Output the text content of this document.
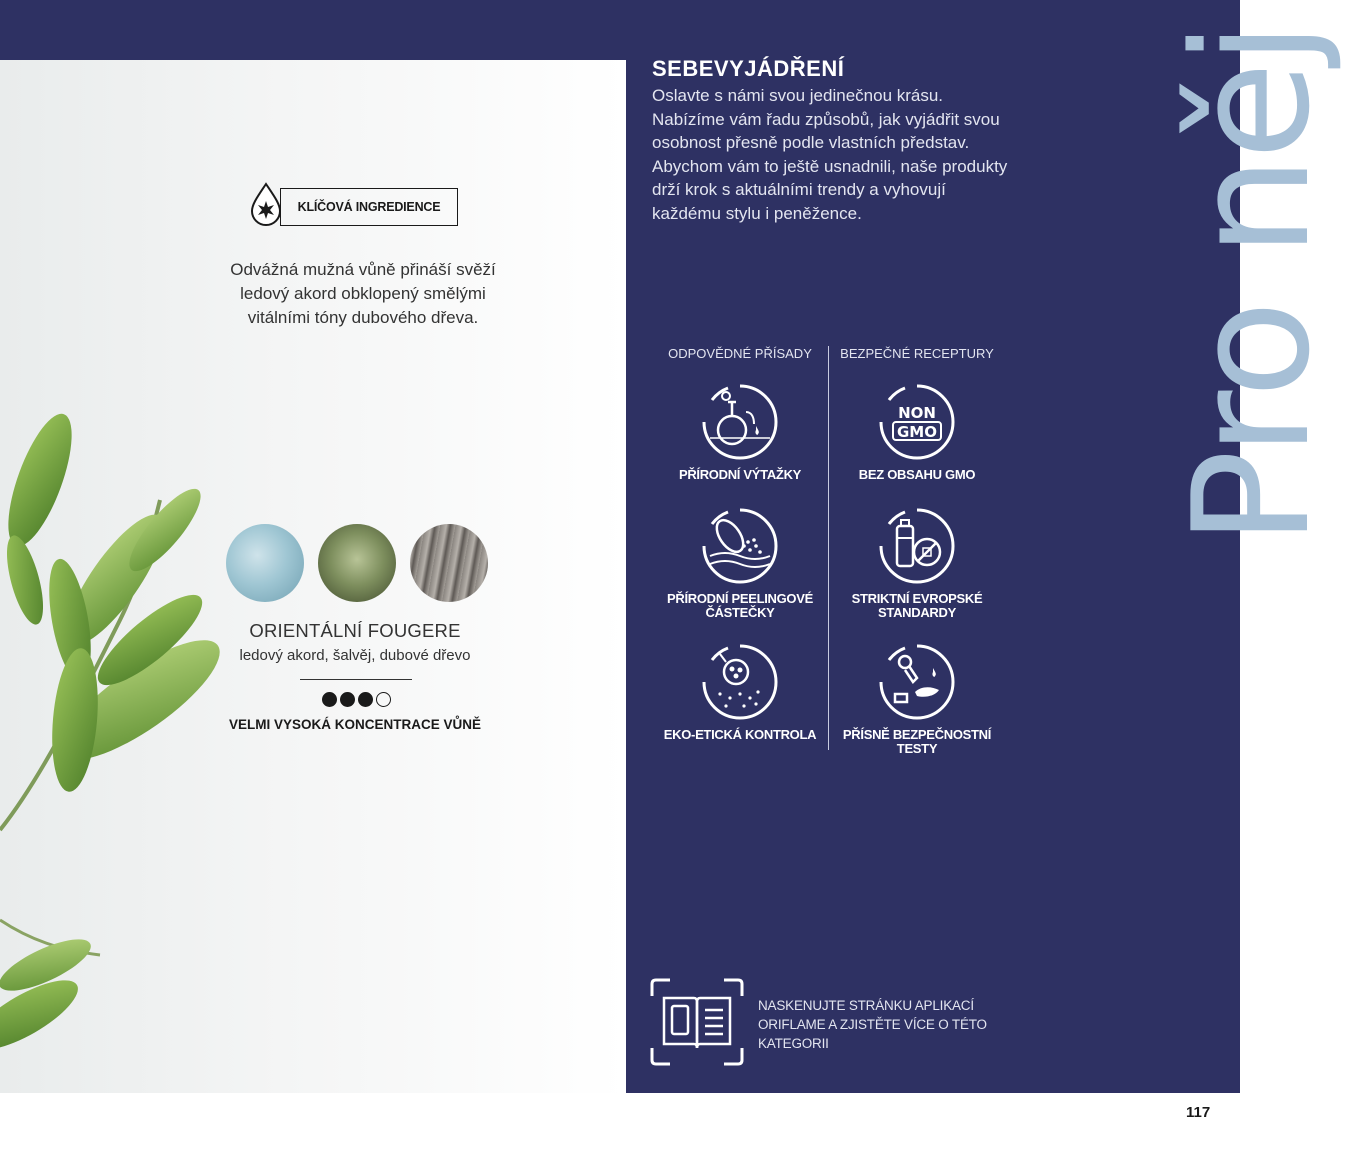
KLÍČOVÁ INGREDIENCE
Odvážná mužná vůně přináší svěží ledový akord obklopený smělými vitálními tóny dubového dřeva.
ORIENTÁLNÍ FOUGERE
ledový akord, šalvěj, dubové dřevo
VELMI VYSOKÁ KONCENTRACE VŮNĚ
SEBEVYJÁDŘENÍ
Oslavte s námi svou jedinečnou krásu. Nabízíme vám řadu způsobů, jak vyjádřit svou osobnost přesně podle vlastních představ. Abychom vám to ještě usnadnili, naše produkty drží krok s aktuálními trendy a vyhovují každému stylu i peněžence.	Pro něj
ODPOVĚDNÉ PŘÍSADY	BEZPEČNÉ RECEPTURY
PŘÍRODNÍ VÝTAŽKY
PŘÍRODNÍ PEELINGOVÉ ČÁSTEČKY
EKO-ETICKÁ KONTROLA
NON
GMO
BEZ OBSAHU GMO
STRIKTNÍ EVROPSKÉ STANDARDY
PŘÍSNĚ BEZPEČNOSTNÍ TESTY
NASKENUJTE STRÁNKU APLIKACÍ ORIFLAME A ZJISTĚTE VÍCE O TÉTO KATEGORII
117
